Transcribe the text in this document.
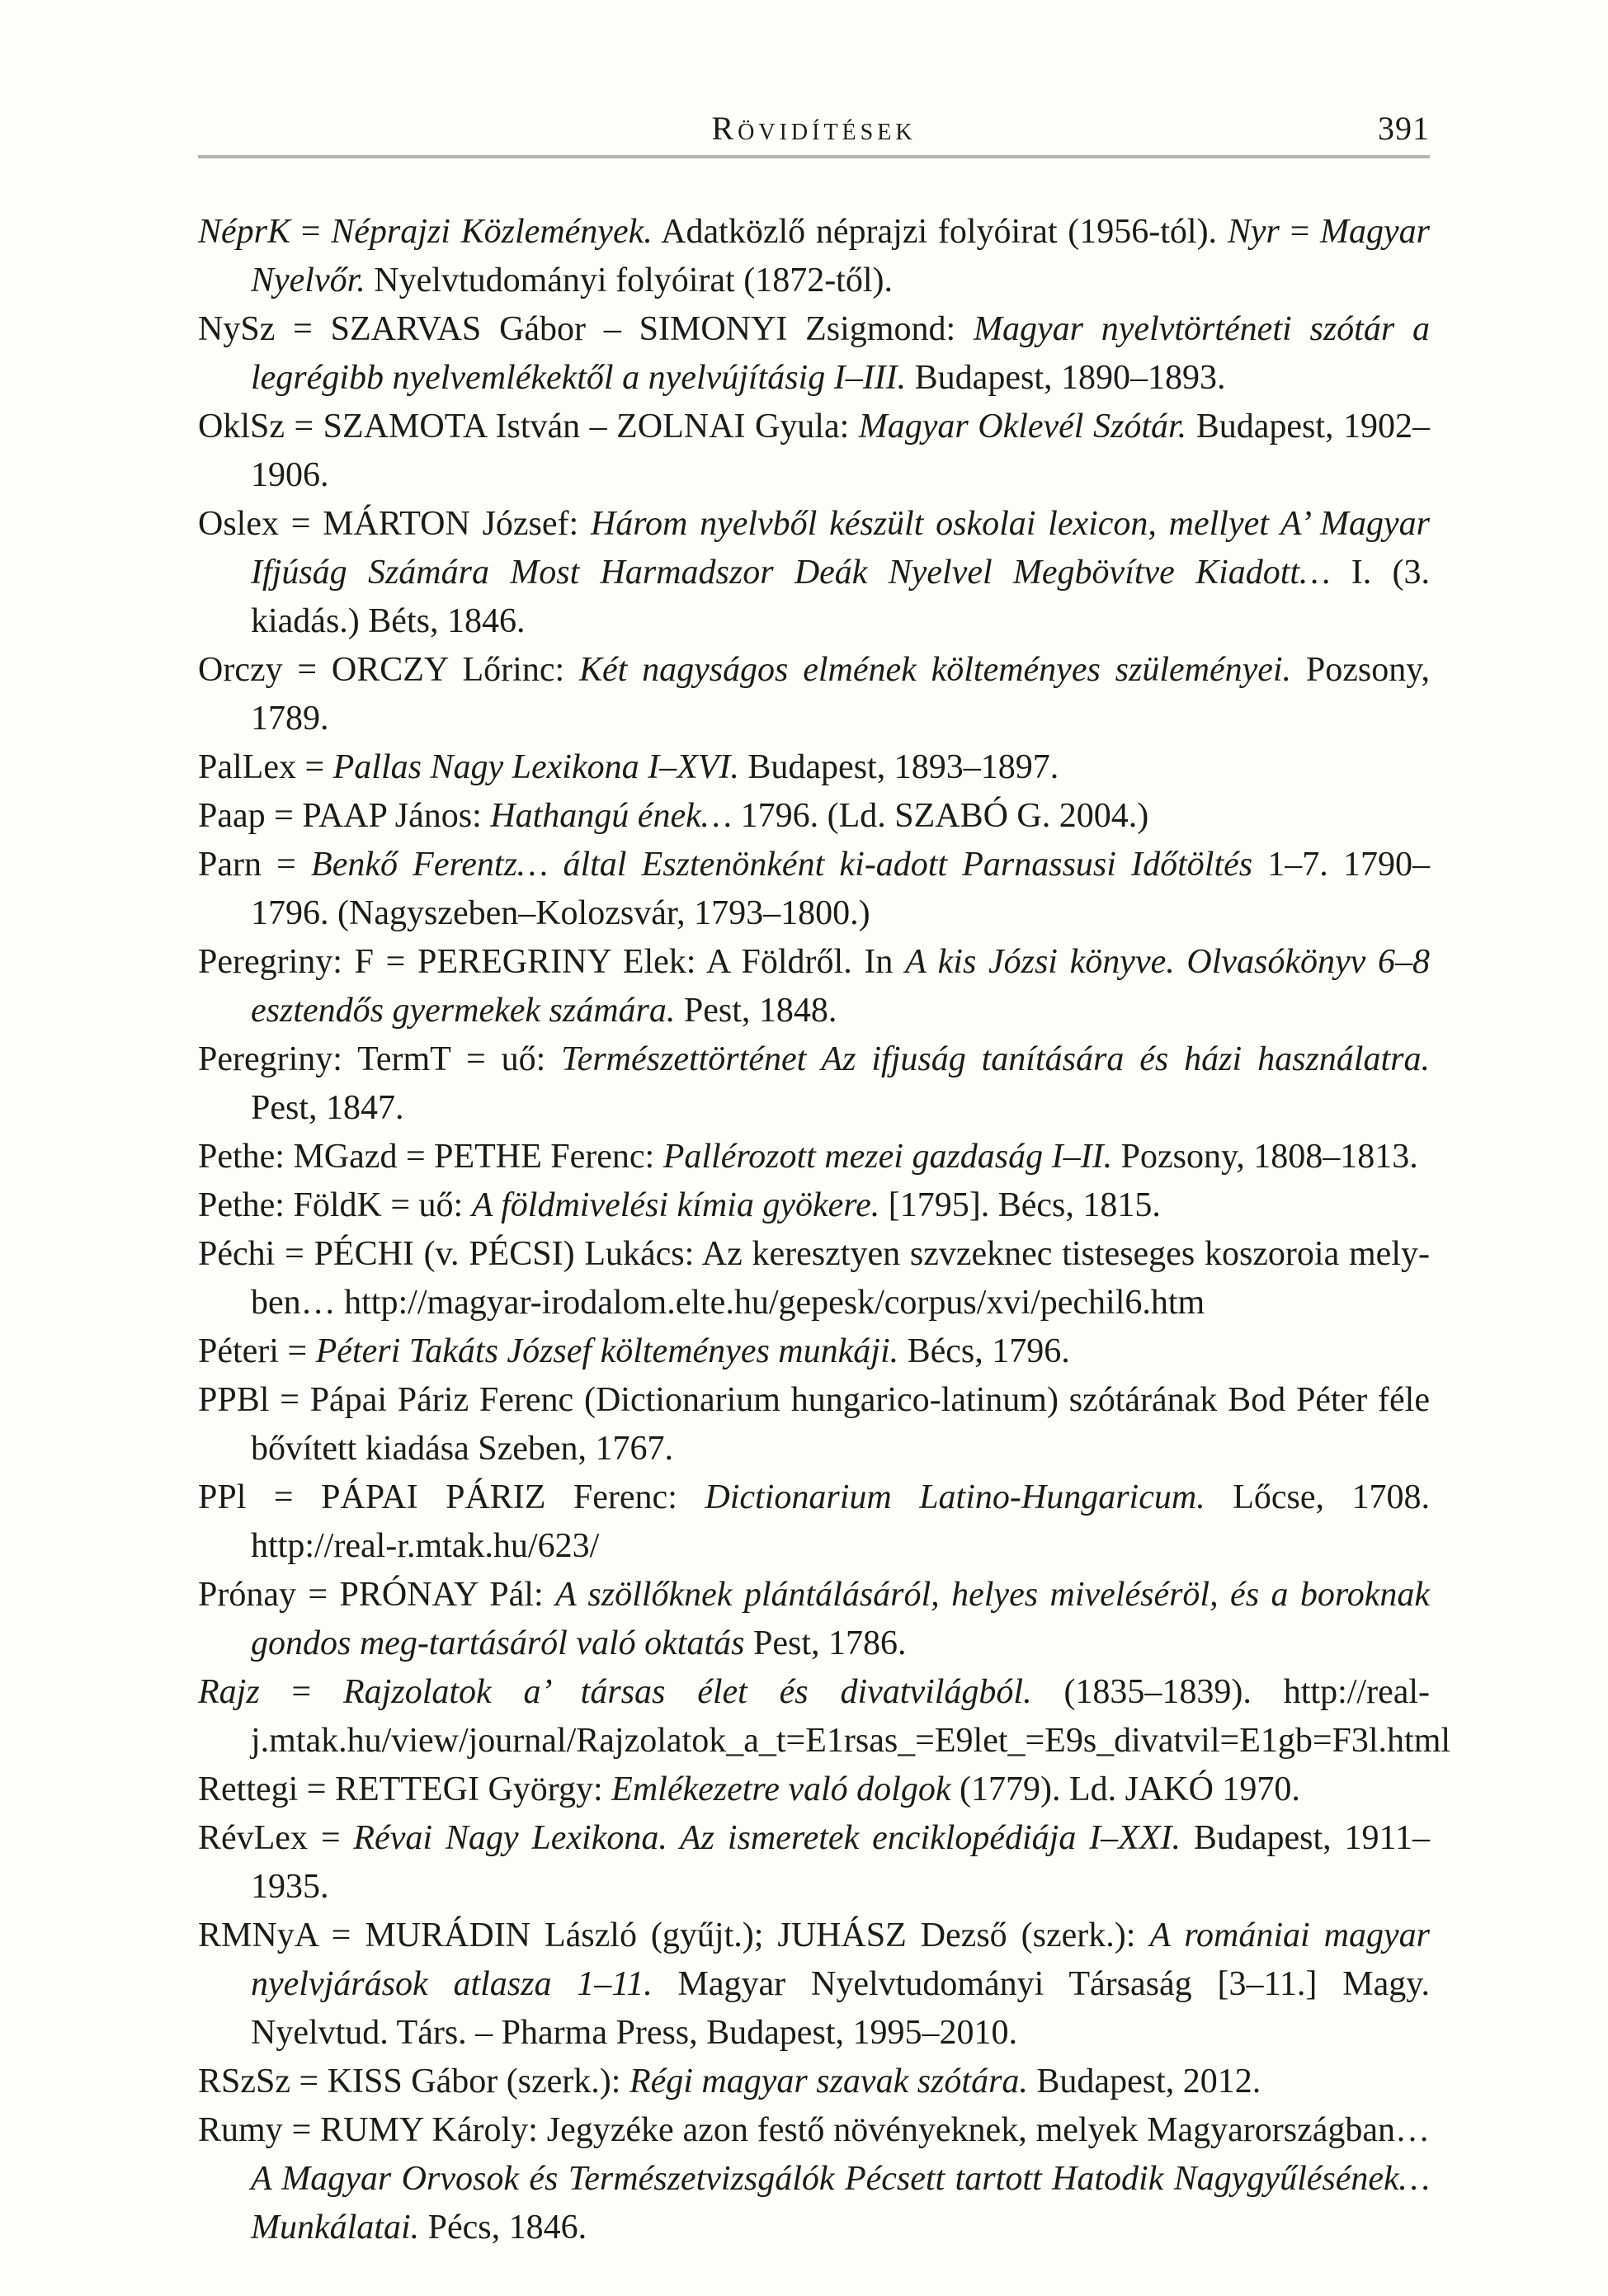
Rövidítések	391

NéprK = Néprajzi Közlemények. Adatközlő néprajzi folyóirat (1956-tól). Nyr = Magyar Nyelvőr. Nyelvtudományi folyóirat (1872-től).

NySz = SZARVAS Gábor – SIMONYI Zsigmond: Magyar nyelvtörténeti szótár a legrégibb nyelvemlékektől a nyelvújításig I–III. Budapest, 1890–1893.

OklSz = SZAMOTA István – ZOLNAI Gyula: Magyar Oklevél Szótár. Budapest, 1902–1906.

Oslex = MÁRTON József: Három nyelvből készült oskolai lexicon, mellyet A’ Magyar Ifjúság Számára Most Harmadszor Deák Nyelvel Megbövítve Kiadott… I. (3. kiadás.) Béts, 1846.

Orczy = ORCZY Lőrinc: Két nagyságos elmének költeményes szüleményei. Pozsony, 1789.

PalLex = Pallas Nagy Lexikona I–XVI. Budapest, 1893–1897.

Paap = PAAP János: Hathangú ének… 1796. (Ld. SZABÓ G. 2004.)

Parn = Benkő Ferentz… által Esztenönként ki-adott Parnassusi Időtöltés 1–7. 1790–1796. (Nagyszeben–Kolozsvár, 1793–1800.)

Peregriny: F = PEREGRINY Elek: A Földről. In A kis Józsi könyve. Olvasókönyv 6–8 esztendős gyermekek számára. Pest, 1848.

Peregriny: TermT = uő: Természettörténet Az ifjuság tanítására és házi használatra. Pest, 1847.

Pethe: MGazd = PETHE Ferenc: Pallérozott mezei gazdaság I–II. Pozsony, 1808–1813.

Pethe: FöldK = uő: A földmivelési kímia gyökere. [1795]. Bécs, 1815.

Péchi = PÉCHI (v. PÉCSI) Lukács: Az keresztyen szvzeknec tisteseges koszoroia melyben… http://magyar-irodalom.elte.hu/gepesk/corpus/xvi/pechil6.htm

Péteri = Péteri Takáts József költeményes munkáji. Bécs, 1796.

PPBl = Pápai Páriz Ferenc (Dictionarium hungarico-latinum) szótárának Bod Péter féle bővített kiadása Szeben, 1767.

PPl = PÁPAI PÁRIZ Ferenc: Dictionarium Latino-Hungaricum. Lőcse, 1708. http://real-r.mtak.hu/623/

Prónay = PRÓNAY Pál: A szöllőknek plántálásáról, helyes miveléséröl, és a boroknak gondos meg-tartásáról való oktatás Pest, 1786.

Rajz = Rajzolatok a’ társas élet és divatvilágból. (1835–1839). http://real-j.mtak.hu/view/journal/Rajzolatok_a_t=E1rsas_=E9let_=E9s_divatvil=E1gb=F3l.html

Rettegi = RETTEGI György: Emlékezetre való dolgok (1779). Ld. JAKÓ 1970.

RévLex = Révai Nagy Lexikona. Az ismeretek enciklopédiája I–XXI. Budapest, 1911–1935.

RMNyA = MURÁDIN László (gyűjt.); JUHÁSZ Dezső (szerk.): A romániai magyar nyelvjárások atlasza 1–11. Magyar Nyelvtudományi Társaság [3–11.] Magy. Nyelvtud. Társ. – Pharma Press, Budapest, 1995–2010.

RSzSz = KISS Gábor (szerk.): Régi magyar szavak szótára. Budapest, 2012.

Rumy = RUMY Károly: Jegyzéke azon festő növényeknek, melyek Magyarországban… A Magyar Orvosok és Természetvizsgálók Pécsett tartott Hatodik Nagygyűlésének… Munkálatai. Pécs, 1846.
